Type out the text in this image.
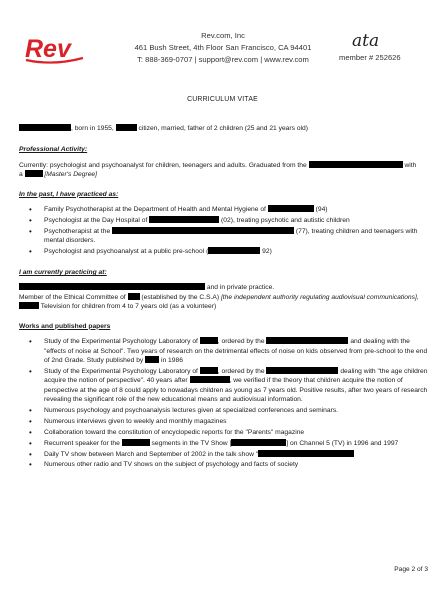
Rev	Rev.com, Inc
461 Bush Street, 4th Floor San Francisco, CA 94401
T: 888-369-0707 | support@rev.com | www.rev.com
ata
member # 252626
CURRICULUM VITAE

, born in 1955,	citizen, married, father of 2 children (25 and 21 years old)

Professional Activity:

Currently: psychologist and psychoanalyst for children, teenagers and adults. Graduated from the	with
a	[Master's Degree]

In the past, I have practiced as:

• Family Psychotherapist at the Department of Health and Mental Hygiene of	(94)
• Psychologist at the Day Hospital of	(02), treating psychotic and autistic children
• Psychotherapist at the	(77), treating children and teenagers with mental disorders.
• Psychologist and psychoanalyst at a public pre-school (	92)

I am currently practicing at:

and in private practice.
Member of the Ethical Committee of  (established by the C.S.A) [the independent authority regulating audiovisual communications],
Television for children from 4 to 7 years old (as a volunteer)

Works and published papers

• Study of the Experimental Psychology Laboratory of	, ordered by the	and dealing with the "effects of noise at School". Two years of research on the detrimental effects of noise on kids observed from pre-school to the end of 2nd Grade. Study published by  in 1986
• Study of the Experimental Psychology Laboratory of	, ordered by the	dealing with "the age children acquire the notion of perspective". 40 years after	, we verified if the theory that children acquire the notion of perspective at the age of 8 could apply to nowadays children as young as 7 years old. Positive results, after two years of research revealing the significant role of the new educational means and audiovisual information.
• Numerous psychology and psychoanalysis lectures given at specialized conferences and seminars.
• Numerous interviews given to weekly and monthly magazines
• Collaboration toward the constitution of encyclopedic reports for the "Parents" magazine
• Recurrent speaker for the	segments in the TV Show	] on Channel 5 (TV) in 1996 and 1997
• Daily TV show between March and September of 2002 in the talk show "
• Numerous other radio and TV shows on the subject of psychology and facts of society
Page 2 of 3
